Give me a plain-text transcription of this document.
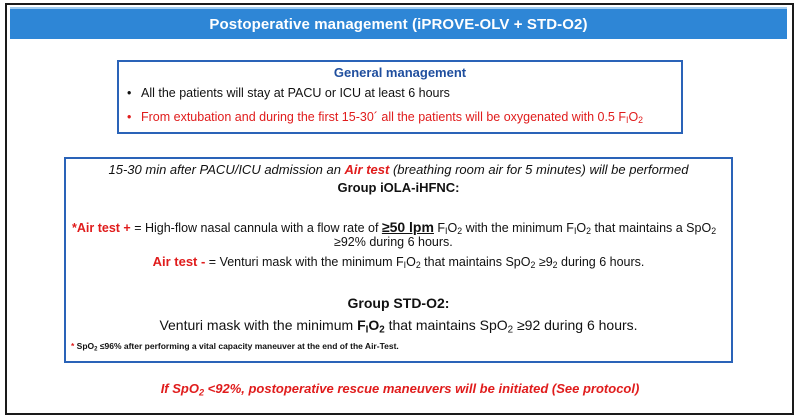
Postoperative management (iPROVE-OLV + STD-O2)
General management
• All the patients will stay at PACU or ICU at least 6 hours
• From extubation and during the first 15-30´ all the patients will be oxygenated with 0.5 $F_IO_2$
15-30 min after PACU/ICU admission an Air test (breathing room air for 5 minutes) will be performed
Group iOLA-iHFNC:
*Air test + = High-flow nasal cannula with a flow rate of ≥50 lpm $F_IO_2$ with the minimum $F_IO_2$ that maintains a SpO$_2$
≥92% during 6 hours.
Air test - = Venturi mask with the minimum $F_IO_2$ that maintains $SpO_2 \ge 9_2$ during 6 hours.
Group STD-O2:
Venturi mask with the minimum $F_IO_2$ that maintains SpO$_2$ ≥92 during 6 hours.
* SpO$_2$ ≤96% after performing a vital capacity maneuver at the end of the Air-Test.
If SpO$_2$ <92%, postoperative rescue maneuvers will be initiated (See protocol)
